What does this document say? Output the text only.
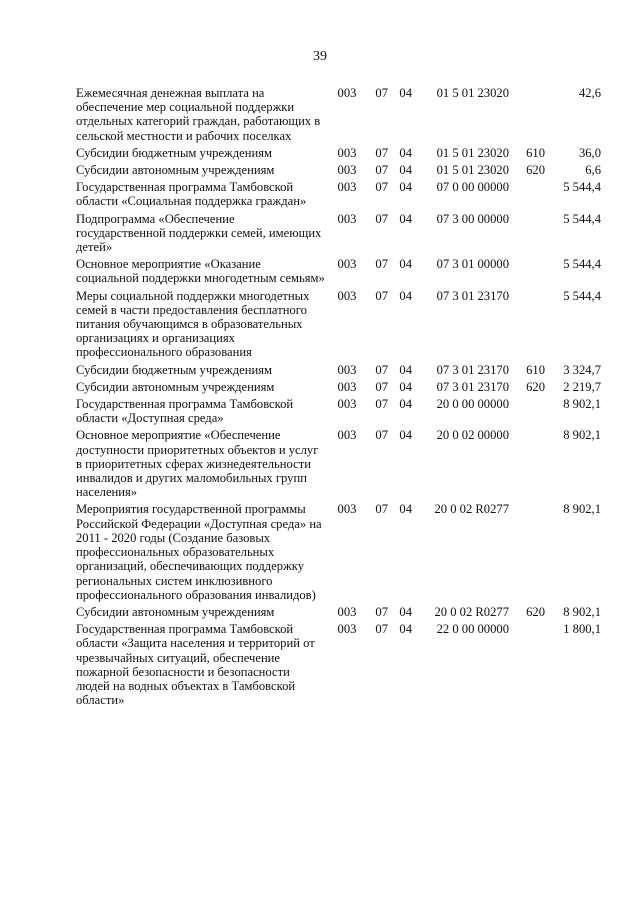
39
Ежемесячная денежная выплата на обеспечение мер социальной поддержки отдельных категорий граждан, работающих в сельской местности и рабочих поселках	003	07	04	01 5 01 23020		42,6
Субсидии бюджетным учреждениям	003	07	04	01 5 01 23020	610	36,0
Субсидии автономным учреждениям	003	07	04	01 5 01 23020	620	6,6
Государственная программа Тамбовской области «Социальная поддержка граждан»	003	07	04	07 0 00 00000		5 544,4
Подпрограмма «Обеспечение государственной поддержки семей, имеющих детей»	003	07	04	07 3 00 00000		5 544,4
Основное мероприятие «Оказание социальной поддержки многодетным семьям»	003	07	04	07 3 01 00000		5 544,4
Меры социальной поддержки многодетных семей в части предоставления бесплатного питания обучающимся в образовательных организациях и организациях профессионального образования	003	07	04	07 3 01 23170		5 544,4
Субсидии бюджетным учреждениям	003	07	04	07 3 01 23170	610	3 324,7
Субсидии автономным учреждениям	003	07	04	07 3 01 23170	620	2 219,7
Государственная программа Тамбовской области «Доступная среда»	003	07	04	20 0 00 00000		8 902,1
Основное мероприятие «Обеспечение доступности приоритетных объектов и услуг в приоритетных сферах жизнедеятельности инвалидов и других маломобильных групп населения»	003	07	04	20 0 02 00000		8 902,1
Мероприятия государственной программы Российской Федерации «Доступная среда» на 2011 - 2020 годы (Создание базовых профессиональных образовательных организаций, обеспечивающих поддержку региональных систем инклюзивного профессионального образования инвалидов)	003	07	04	20 0 02 R0277		8 902,1
Субсидии автономным учреждениям	003	07	04	20 0 02 R0277	620	8 902,1
Государственная программа Тамбовской области «Защита населения и территорий от чрезвычайных ситуаций, обеспечение пожарной безопасности и безопасности людей на водных объектах в Тамбовской области»	003	07	04	22 0 00 00000		1 800,1
